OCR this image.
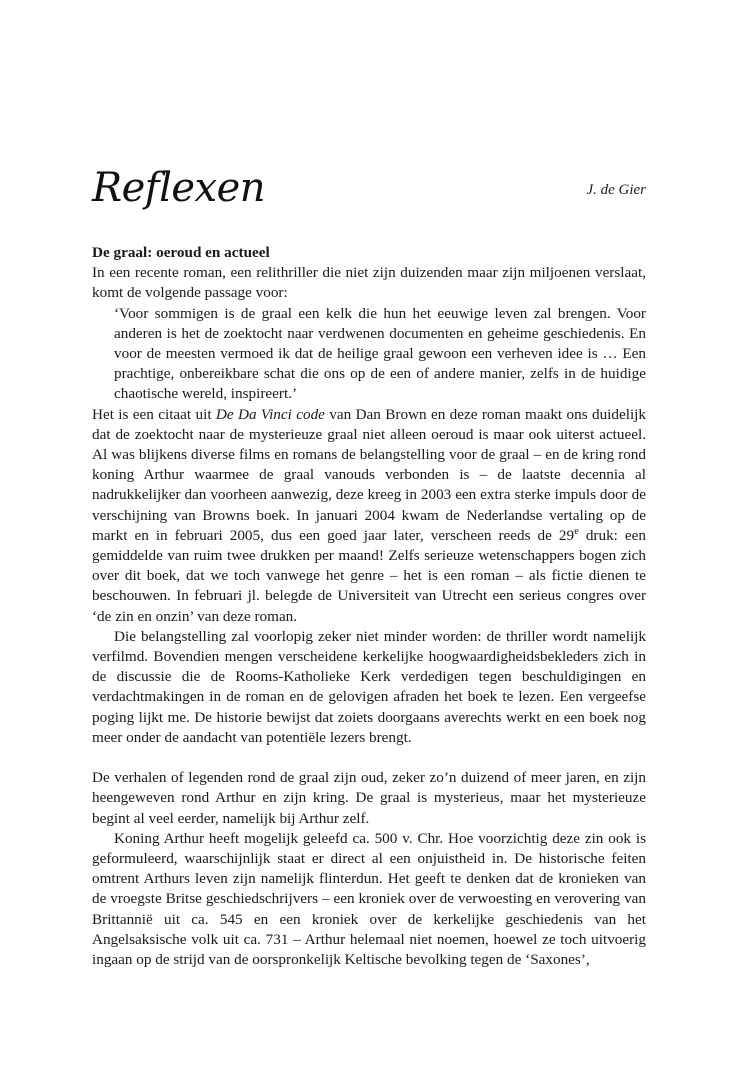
Reflexen	J. de Gier

De graal: oeroud en actueel

In een recente roman, een relithriller die niet zijn duizenden maar zijn miljoenen verslaat, komt de volgende passage voor:

‘Voor sommigen is de graal een kelk die hun het eeuwige leven zal brengen. Voor anderen is het de zoektocht naar verdwenen documenten en geheime geschiedenis. En voor de meesten vermoed ik dat de heilige graal gewoon een verheven idee is … Een prachtige, onbereikbare schat die ons op de een of andere manier, zelfs in de huidige chaotische wereld, inspireert.’

Het is een citaat uit De Da Vinci code van Dan Brown en deze roman maakt ons duidelijk dat de zoektocht naar de mysterieuze graal niet alleen oeroud is maar ook uiterst actueel. Al was blijkens diverse films en romans de belangstelling voor de graal – en de kring rond koning Arthur waarmee de graal vanouds verbonden is – de laatste decennia al nadrukkelijker dan voorheen aanwezig, deze kreeg in 2003 een extra sterke impuls door de verschijning van Browns boek. In januari 2004 kwam de Nederlandse vertaling op de markt en in februari 2005, dus een goed jaar later, verscheen reeds de 29e druk: een gemiddelde van ruim twee drukken per maand! Zelfs serieuze wetenschappers bogen zich over dit boek, dat we toch vanwege het genre – het is een roman – als fictie dienen te beschouwen. In februari jl. belegde de Universiteit van Utrecht een serieus congres over ‘de zin en onzin’ van deze roman.

Die belangstelling zal voorlopig zeker niet minder worden: de thriller wordt namelijk verfilmd. Bovendien mengen verscheidene kerkelijke hoogwaardigheidsbekleders zich in de discussie die de Rooms-Katholieke Kerk verdedigen tegen beschuldigingen en verdachtmakingen in de roman en de gelovigen afraden het boek te lezen. Een vergeefse poging lijkt me. De historie bewijst dat zoiets doorgaans averechts werkt en een boek nog meer onder de aandacht van potentiële lezers brengt.

De verhalen of legenden rond de graal zijn oud, zeker zo’n duizend of meer jaren, en zijn heengeweven rond Arthur en zijn kring. De graal is mysterieus, maar het mysterieuze begint al veel eerder, namelijk bij Arthur zelf.

Koning Arthur heeft mogelijk geleefd ca. 500 v. Chr. Hoe voorzichtig deze zin ook is geformuleerd, waarschijnlijk staat er direct al een onjuistheid in. De historische feiten omtrent Arthurs leven zijn namelijk flinterdun. Het geeft te denken dat de kronieken van de vroegste Britse geschiedschrijvers – een kroniek over de verwoesting en verovering van Brittannië uit ca. 545 en een kroniek over de kerkelijke geschiedenis van het Angelsaksische volk uit ca. 731 – Arthur helemaal niet noemen, hoewel ze toch uitvoerig ingaan op de strijd van de oorspronkelijk Keltische bevolking tegen de ‘Saxones’,
